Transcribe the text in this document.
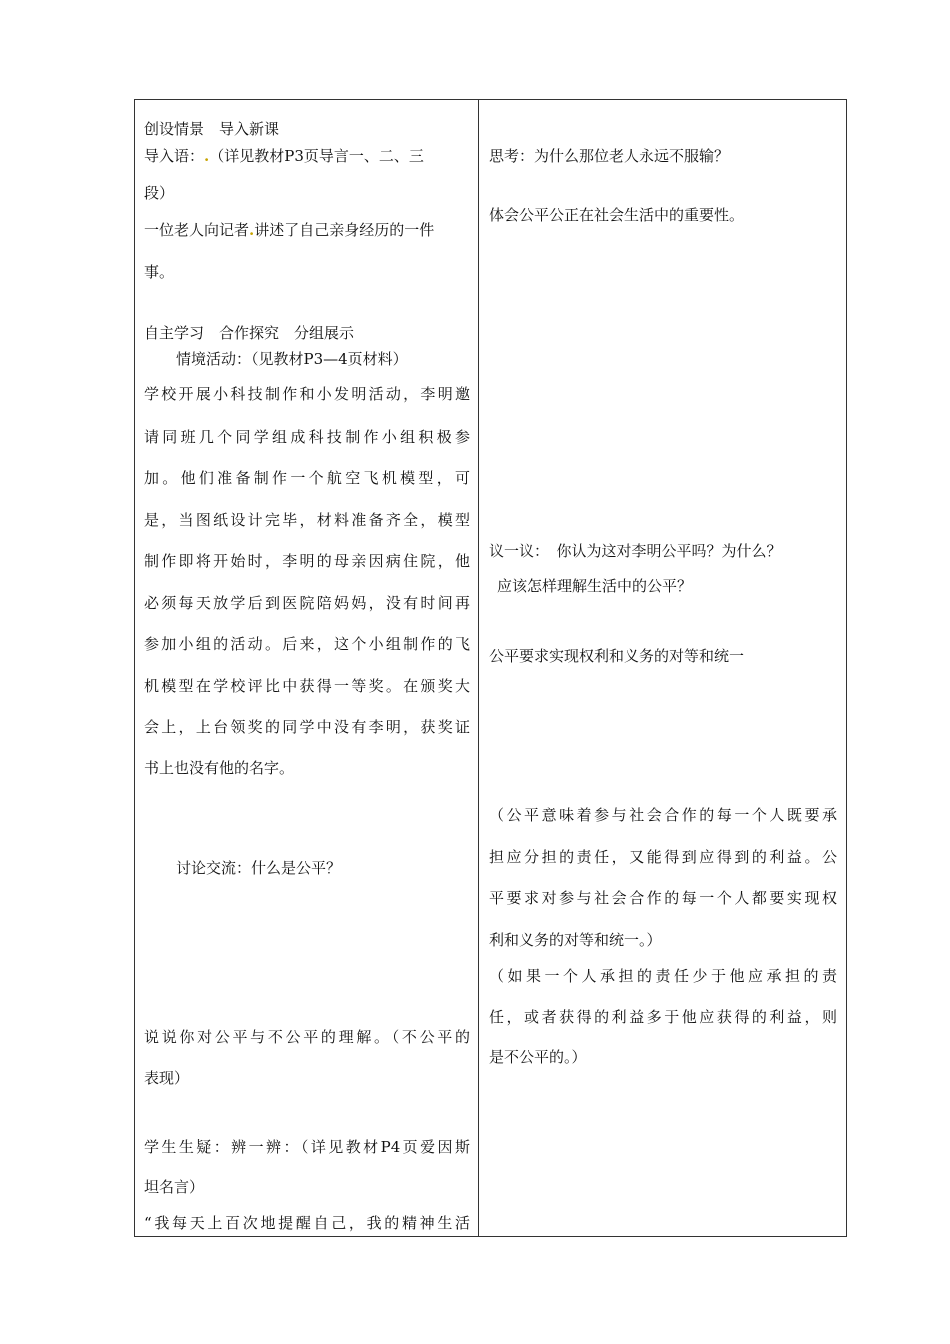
创设情景　导入新课
导入语：.（详见教材P3页导言一、二、三
段）
一位老人向记者.讲述了自己亲身经历的一件
事。
自主学习　合作探究　分组展示
情境活动：（见教材P3—4页材料）
学校开展小科技制作和小发明活动，李明邀
请同班几个同学组成科技制作小组积极参
加。他们准备制作一个航空飞机模型，可
是，当图纸设计完毕，材料准备齐全，模型
制作即将开始时，李明的母亲因病住院，他
必须每天放学后到医院陪妈妈，没有时间再
参加小组的活动。后来，这个小组制作的飞
机模型在学校评比中获得一等奖。在颁奖大
会上，上台领奖的同学中没有李明，获奖证
书上也没有他的名字。
讨论交流：什么是公平？
说说你对公平与不公平的理解。（不公平的
表现）
学生生疑：辨一辨：（详见教材P4页爱因斯
坦名言）
“我每天上百次地提醒自己，我的精神生活
思考：为什么那位老人永远不服输？
体会公平公正在社会生活中的重要性。
议一议：　你认为这对李明公平吗？为什么？
应该怎样理解生活中的公平？
公平要求实现权利和义务的对等和统一
（公平意味着参与社会合作的每一个人既要承
担应分担的责任，又能得到应得到的利益。公
平要求对参与社会合作的每一个人都要实现权
利和义务的对等和统一。）
（如果一个人承担的责任少于他应承担的责
任，或者获得的利益多于他应获得的利益，则
是不公平的。）
